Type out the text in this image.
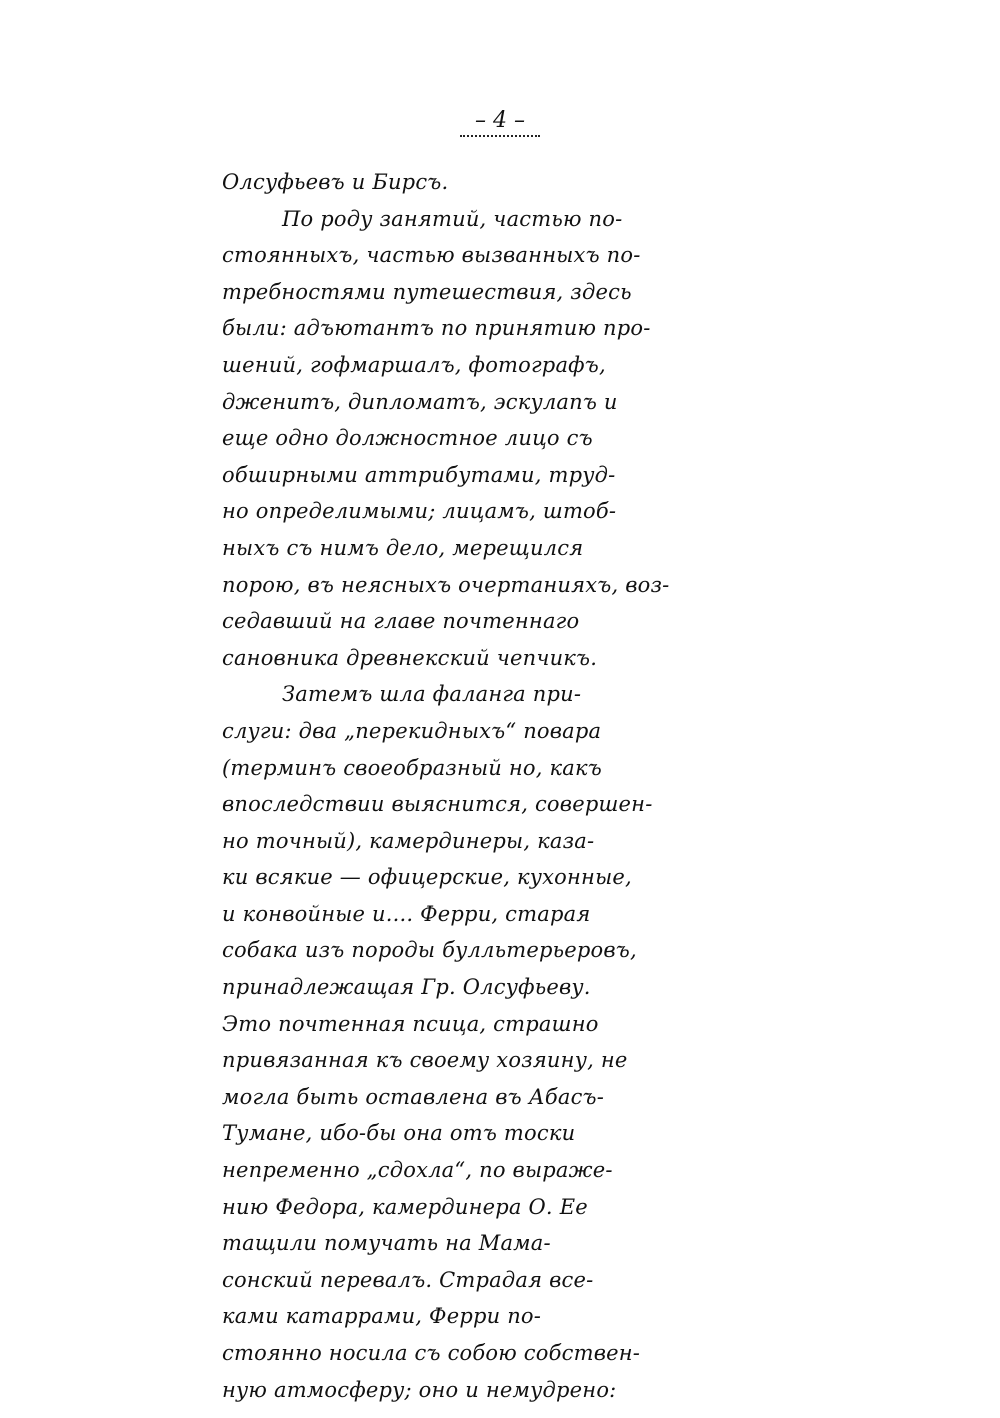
– 4 –
Олсуфьевъ и Бирсъ.
По роду занятий, частью по-
стоянныхъ, частью вызванныхъ по-
требностями путешествия, здесь
были: адъютантъ по принятию про-
шений, гофмаршалъ, фотографъ,
дженитъ, дипломатъ, эскулапъ и
еще одно должностное лицо съ
обширными аттрибутами, труд-
но определимыми; лицамъ, штоб-
ныхъ съ нимъ дело, мерещился
порою, въ неясныхъ очертанияхъ, воз-
седавший на главе почтеннаго
сановника древнекский чепчикъ.
Затемъ шла фаланга при-
слуги: два „перекидныхъ“ повара
(терминъ своеобразный но, какъ
впоследствии выяснится, совершен-
но точный), камердинеры, каза-
ки всякие — офицерские, кухонные,
и конвойные и.... Ферри, старая
собака изъ породы булльтерьеровъ,
принадлежащая Гр. Олсуфьеву.
Это почтенная псица, страшно
привязанная къ своему хозяину, не
могла быть оставлена въ Абасъ-
Тумане, ибо-бы она отъ тоски
непременно „сдохла“, по выраже-
нию Федора, камердинера О. Ее
тащили помучать на Мама-
сонский перевалъ. Страдая все-
ками катаррами, Ферри по-
стоянно носила съ собою собствен-
ную атмосферу; оно и немудрено:
